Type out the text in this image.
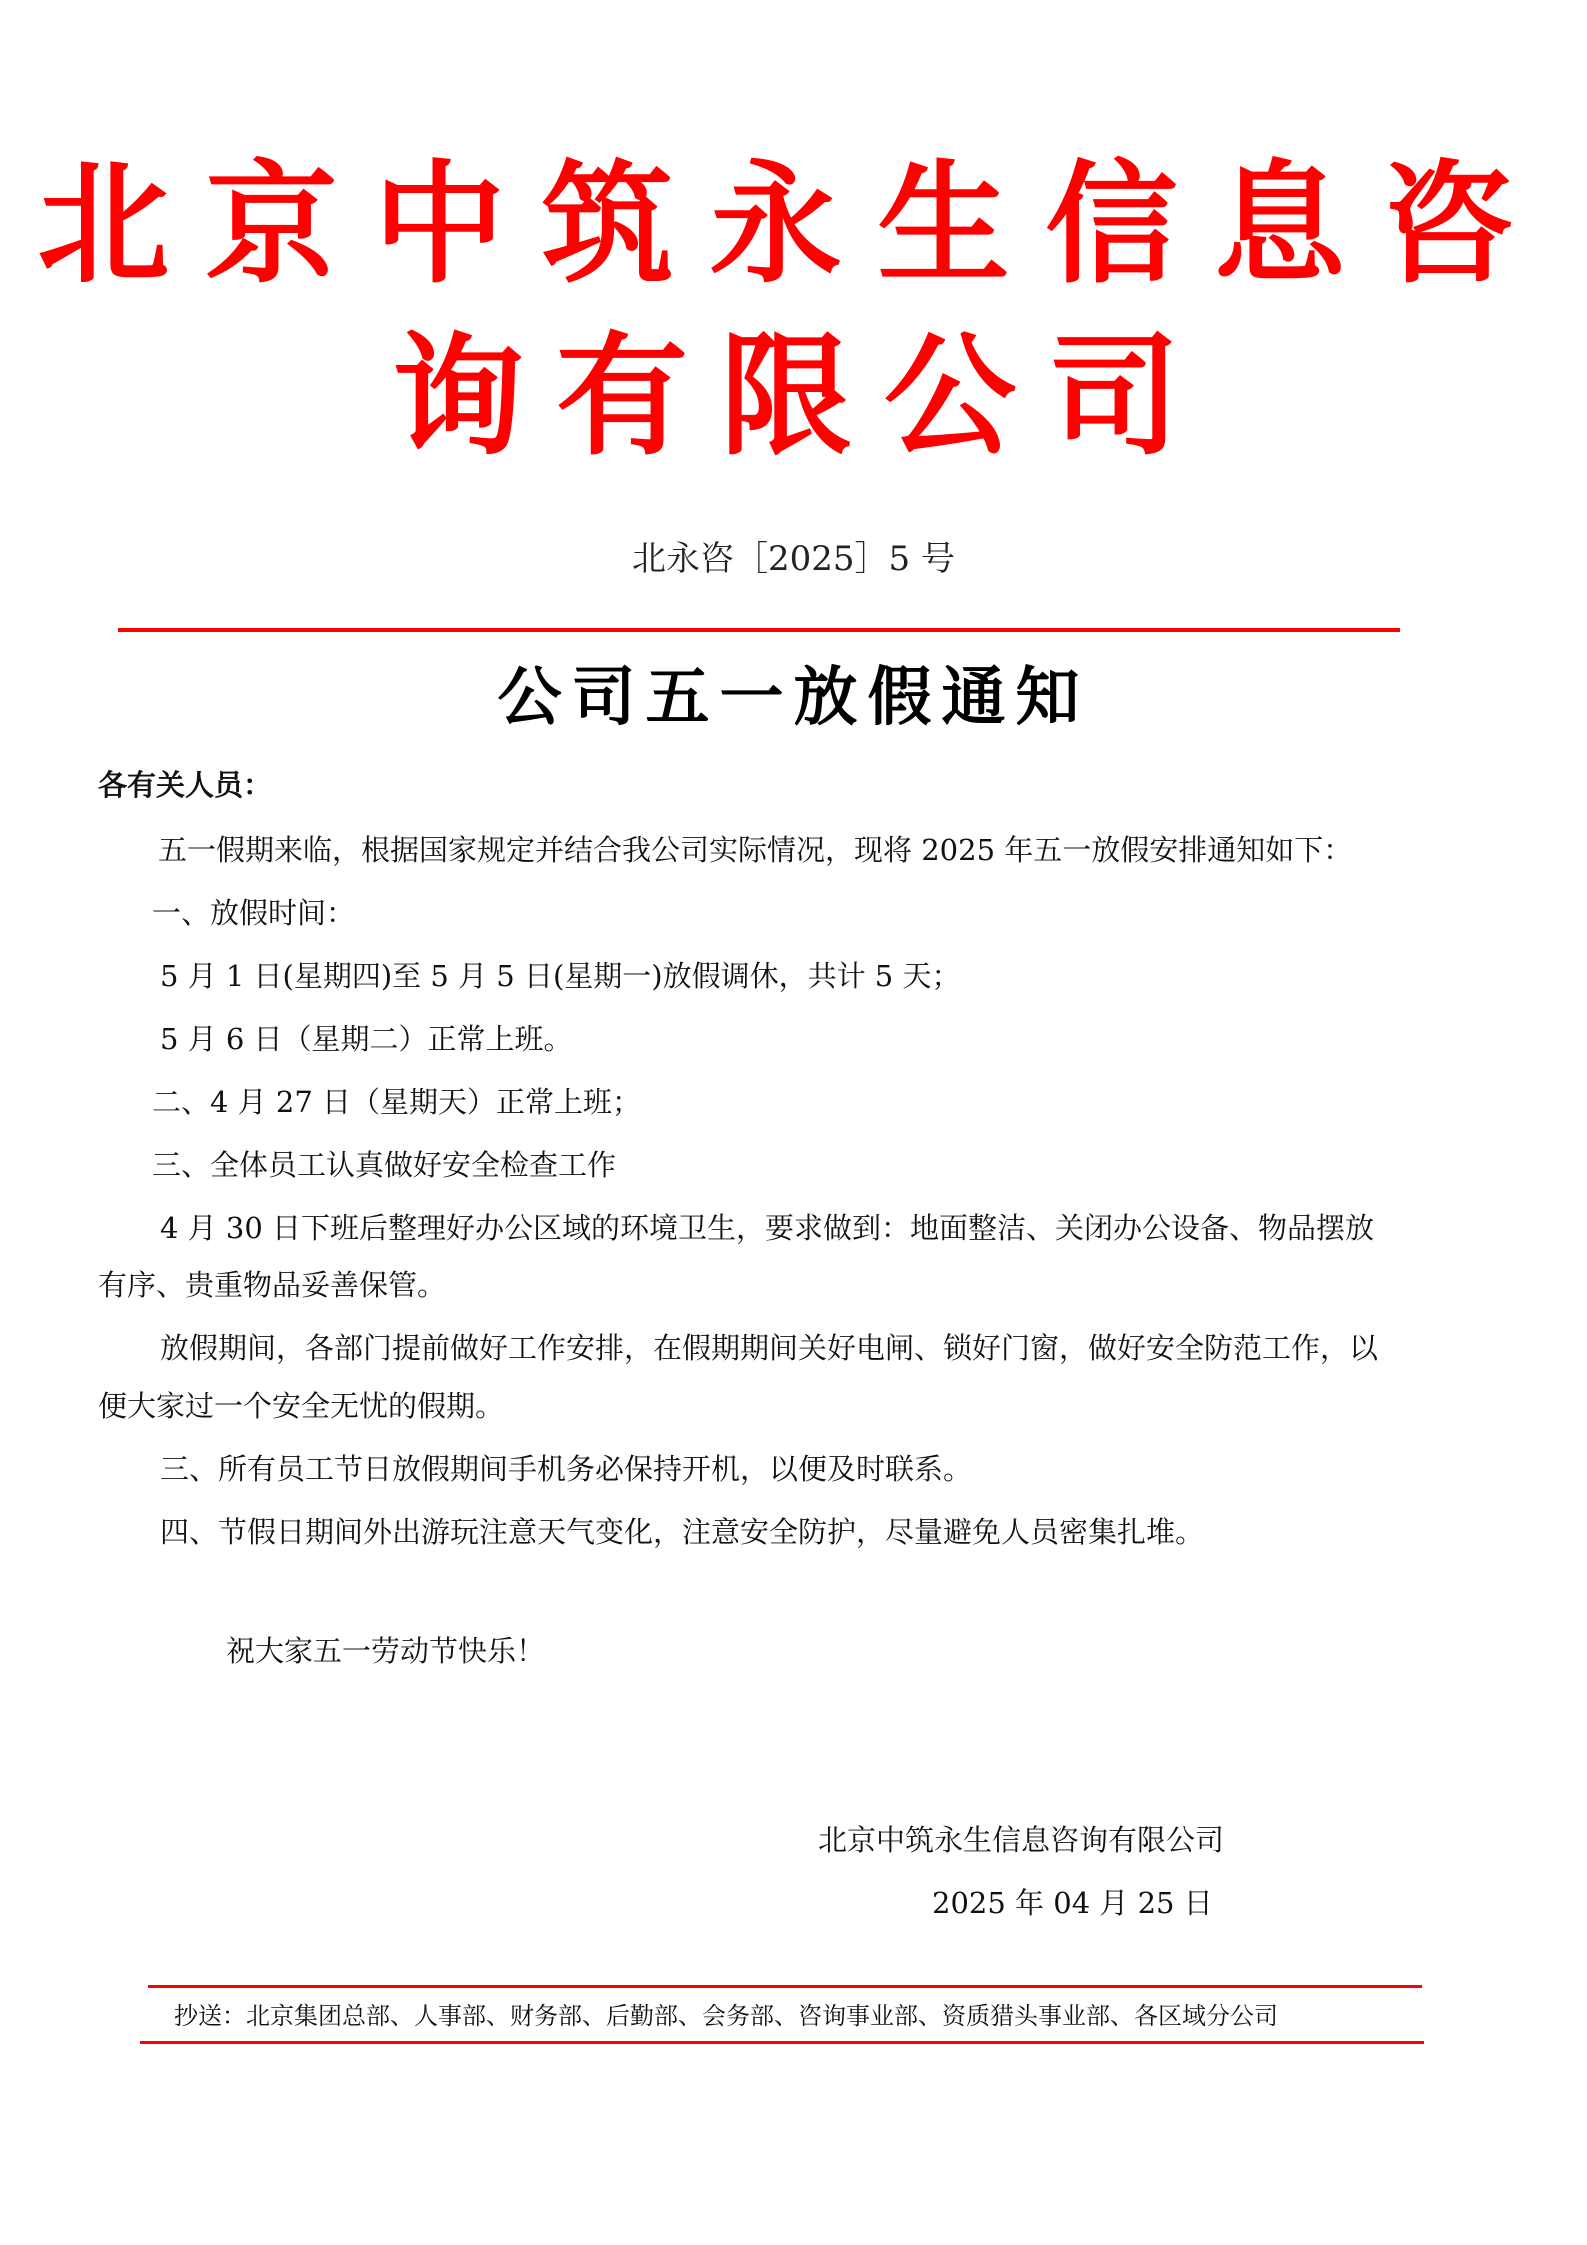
北京中筑永生信息咨
询有限公司
北永咨［2025］5 号
公司五一放假通知
各有关人员：
五一假期来临，根据国家规定并结合我公司实际情况，现将 2025 年五一放假安排通知如下：
一、放假时间：
5 月 1 日(星期四)至 5 月 5 日(星期一)放假调休，共计 5 天；
5 月 6 日（星期二）正常上班。
二、4 月 27 日（星期天）正常上班；
三、全体员工认真做好安全检查工作
4 月 30 日下班后整理好办公区域的环境卫生，要求做到：地面整洁、关闭办公设备、物品摆放
有序、贵重物品妥善保管。
放假期间，各部门提前做好工作安排，在假期期间关好电闸、锁好门窗，做好安全防范工作，以
便大家过一个安全无忧的假期。
三、所有员工节日放假期间手机务必保持开机，以便及时联系。
四、节假日期间外出游玩注意天气变化，注意安全防护，尽量避免人员密集扎堆。
祝大家五一劳动节快乐！
北京中筑永生信息咨询有限公司
2025 年 04 月 25 日
抄送：北京集团总部、人事部、财务部、后勤部、会务部、咨询事业部、资质猎头事业部、各区域分公司
